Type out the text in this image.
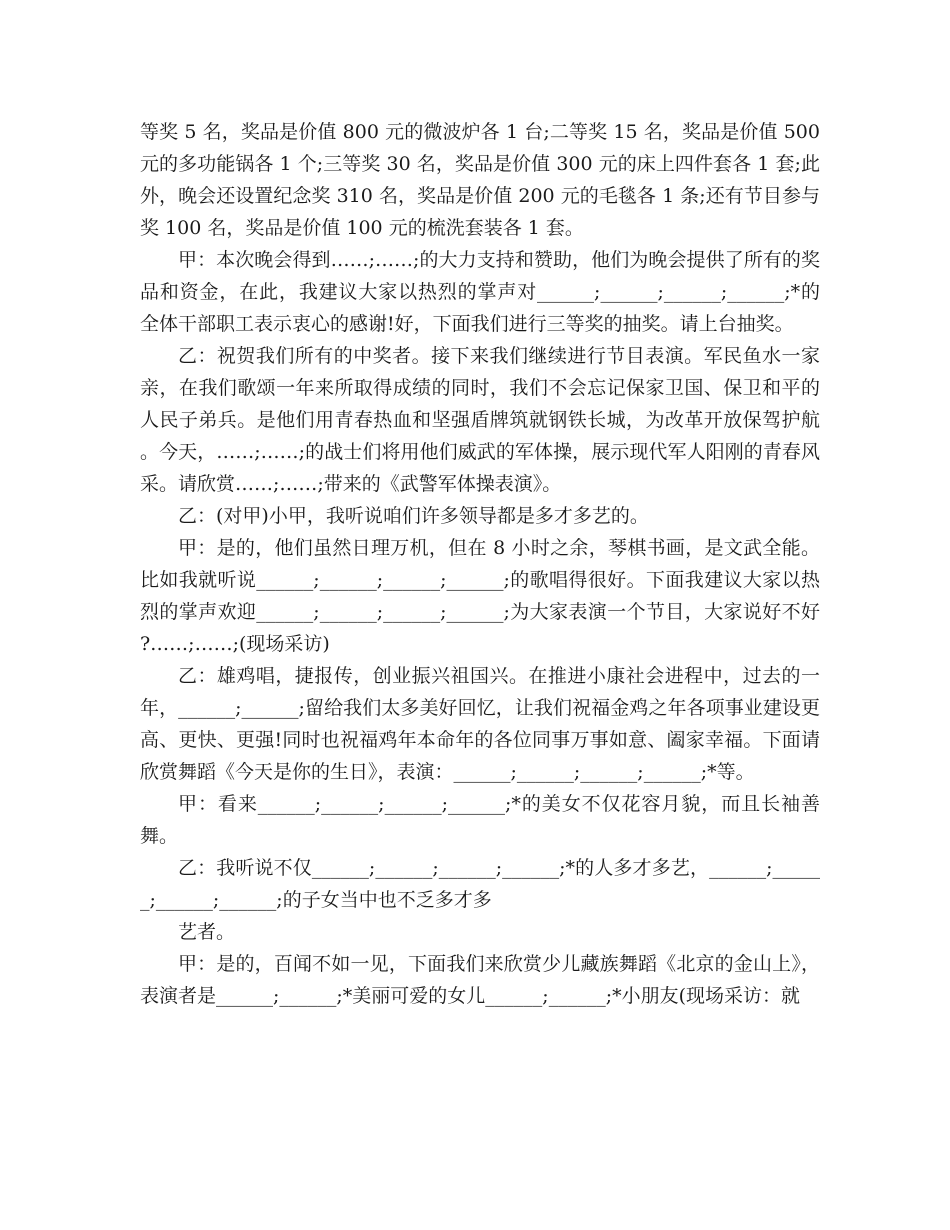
等奖 5 名，奖品是价值 800 元的微波炉各 1 台;二等奖 15 名，奖品是价值 500 元的多功能锅各 1 个;三等奖 30 名，奖品是价值 300 元的床上四件套各 1 套;此外，晚会还设置纪念奖 310 名，奖品是价值 200 元的毛毯各 1 条;还有节目参与奖 100 名，奖品是价值 100 元的梳洗套装各 1 套。

甲：本次晚会得到……;……;的大力支持和赞助，他们为晚会提供了所有的奖品和资金，在此，我建议大家以热烈的掌声对______;______;______;______;*的全体干部职工表示衷心的感谢!好，下面我们进行三等奖的抽奖。请上台抽奖。

乙：祝贺我们所有的中奖者。接下来我们继续进行节目表演。军民鱼水一家亲，在我们歌颂一年来所取得成绩的同时，我们不会忘记保家卫国、保卫和平的人民子弟兵。是他们用青春热血和坚强盾牌筑就钢铁长城，为改革开放保驾护航。今天，……;……;的战士们将用他们威武的军体操，展示现代军人阳刚的青春风采。请欣赏……;……;带来的《武警军体操表演》。

乙：(对甲)小甲，我听说咱们许多领导都是多才多艺的。

甲：是的，他们虽然日理万机，但在 8 小时之余，琴棋书画，是文武全能。比如我就听说______;______;______;______;的歌唱得很好。下面我建议大家以热烈的掌声欢迎______;______;______;______;为大家表演一个节目，大家说好不好?……;……;(现场采访)

乙：雄鸡唱，捷报传，创业振兴祖国兴。在推进小康社会进程中，过去的一年，______;______;留给我们太多美好回忆，让我们祝福金鸡之年各项事业建设更高、更快、更强!同时也祝福鸡年本命年的各位同事万事如意、阖家幸福。下面请欣赏舞蹈《今天是你的生日》，表演：______;______;______;______;*等。

甲：看来______;______;______;______;*的美女不仅花容月貌，而且长袖善舞。

乙：我听说不仅______;______;______;______;*的人多才多艺，______;______;______;______;的子女当中也不乏多才多

艺者。

甲：是的，百闻不如一见，下面我们来欣赏少儿藏族舞蹈《北京的金山上》，表演者是______;______;*美丽可爱的女儿______;______;*小朋友(现场采访：就
